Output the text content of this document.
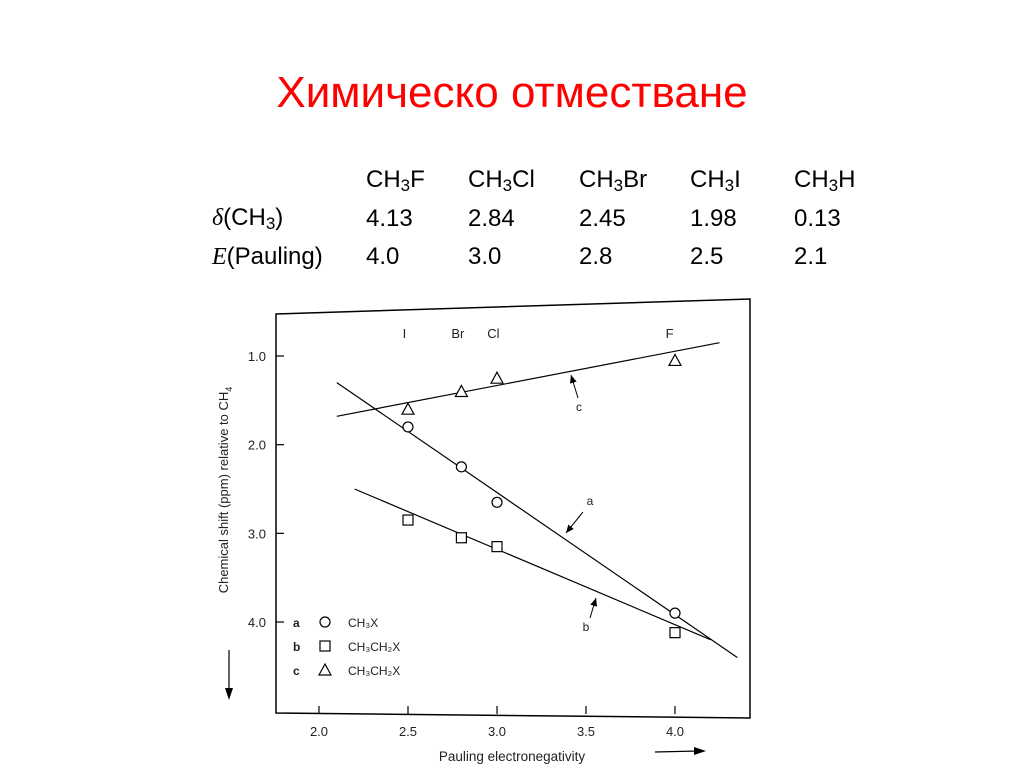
Химическо отместване
	$CH_3F$	$CH_3Cl$	$CH_3Br$	$CH_3I$	$CH_3H$
$\delta(CH_3)$	4.13	2.84	2.45	1.98	0.13
E(Pauling)	4.0	3.0	2.8	2.5	2.1
1.0
2.0
3.0
4.0
2.0	2.5	3.0	3.5	4.0
I	Br Cl	F
a
b
c
a	CH₃X
b	CH₃CH₂X
c	CH₃CH₂X
Chemical shift (ppm) relative to $CH_4$
Pauling electronegativity
